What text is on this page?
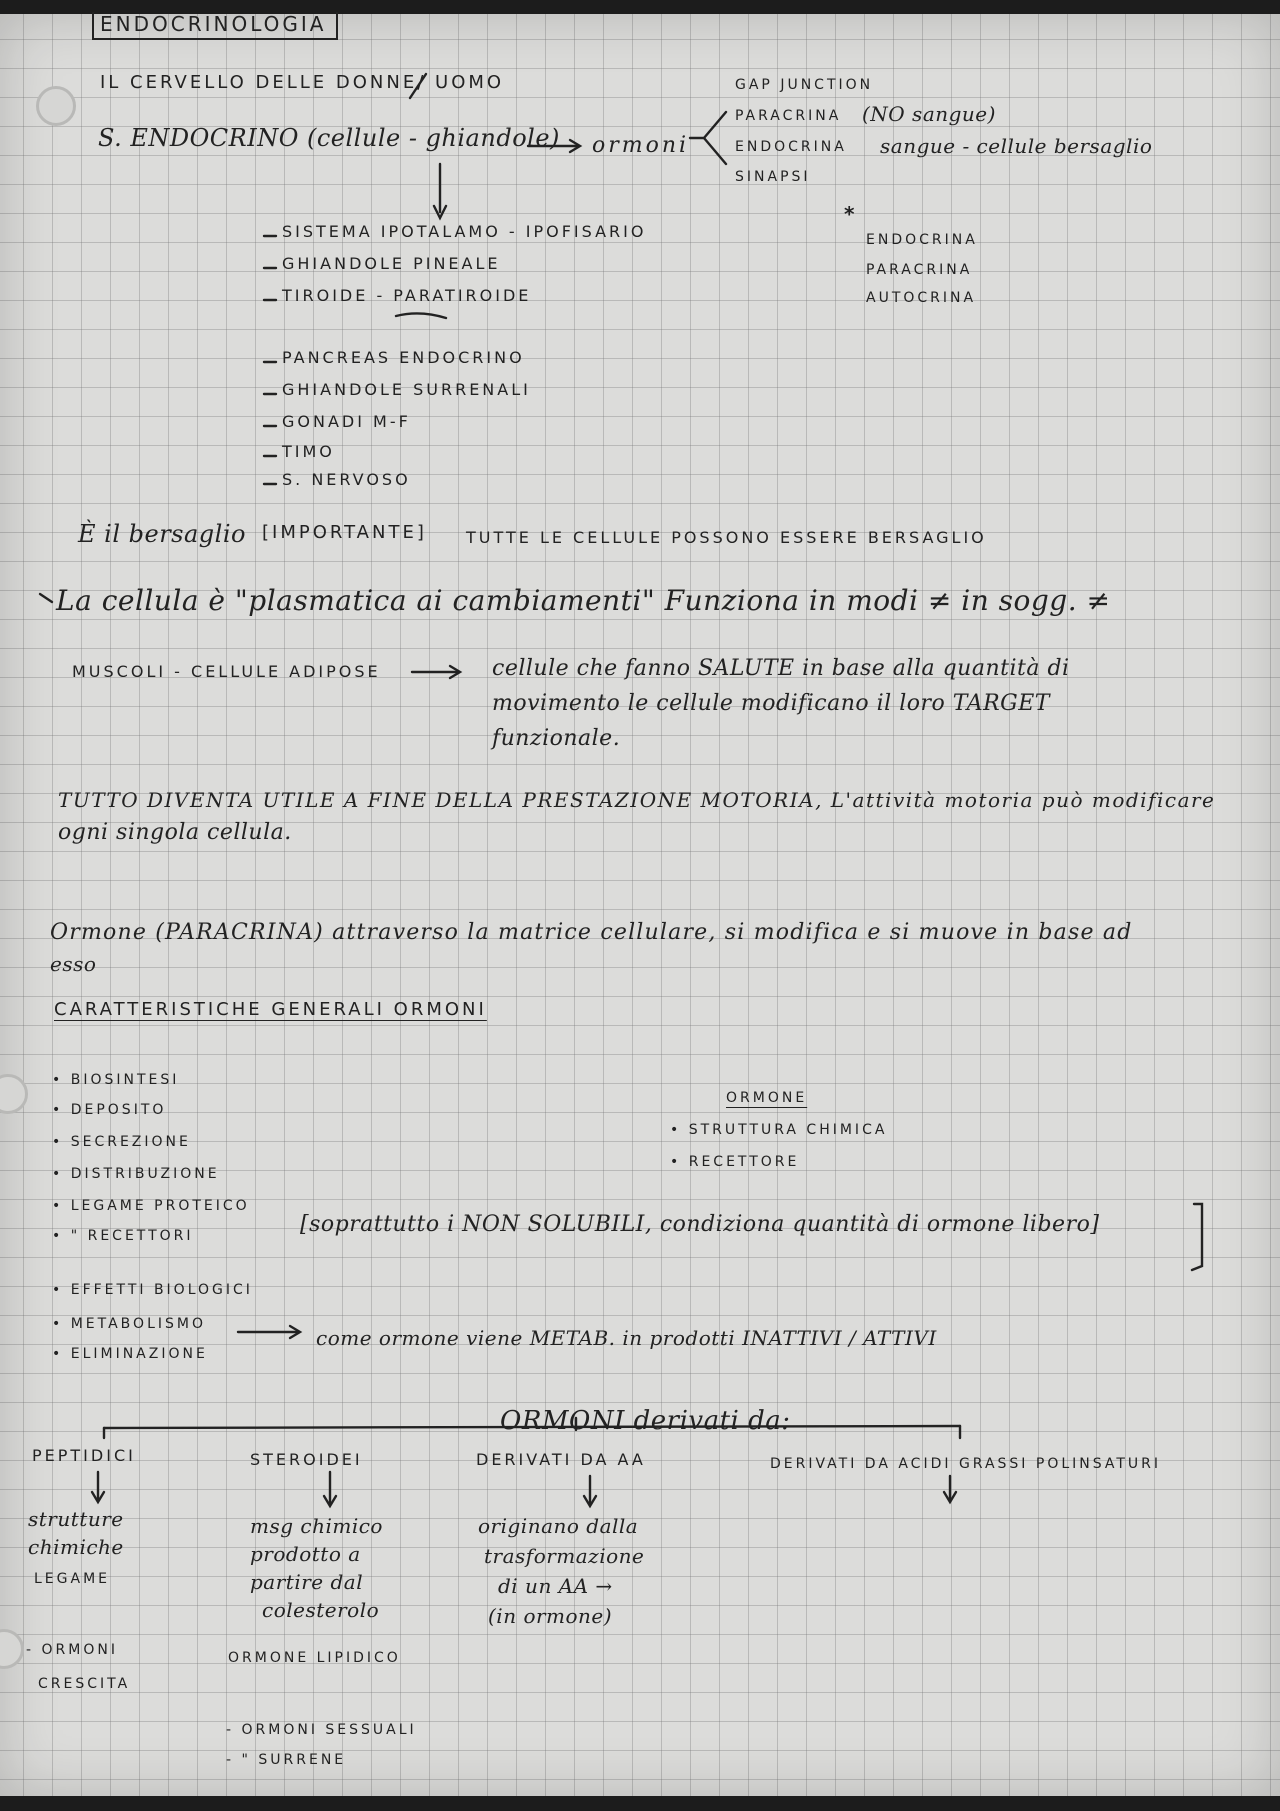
ENDOCRINOLOGIA
IL CERVELLO DELLE DONNE/ UOMO
S. ENDOCRINO (cellule - ghiandole) ormoni
GAP JUNCTION
PARACRINA
ENDOCRINA
SINAPSI
(NO sangue)
sangue - cellule bersaglio
*
ENDOCRINA
PARACRINA
AUTOCRINA
SISTEMA IPOTALAMO - IPOFISARIO
GHIANDOLE PINEALE
TIROIDE - PARATIROIDE
PANCREAS ENDOCRINO
GHIANDOLE SURRENALI
GONADI M-F
TIMO
S. NERVOSO
È il bersaglio [IMPORTANTE] TUTTE LE CELLULE POSSONO ESSERE BERSAGLIO
La cellula è "plasmatica ai cambiamenti" Funziona in modi ≠ in sogg. ≠
MUSCOLI - CELLULE ADIPOSE	cellule che fanno SALUTE in base alla quantità di
movimento le cellule modificano il loro TARGET
funzionale.
TUTTO DIVENTA UTILE A FINE DELLA PRESTAZIONE MOTORIA, L'attività motoria può modificare
ogni singola cellula.
Ormone (PARACRINA) attraverso la matrice cellulare, si modifica e si muove in base ad
esso
CARATTERISTICHE GENERALI ORMONI
• BIOSINTESI
• DEPOSITO
• SECREZIONE
• DISTRIBUZIONE
• LEGAME PROTEICO
• " RECETTORI
• EFFETTI BIOLOGICI
• METABOLISMO
• ELIMINAZIONE
ORMONE
• STRUTTURA CHIMICA
• RECETTORE
[soprattutto i NON SOLUBILI, condiziona quantità di ormone libero]
come ormone viene METAB. in prodotti INATTIVI / ATTIVI
ORMONI derivati da:
PEPTIDICI
strutture
chimiche
LEGAME
- ORMONI
CRESCITA
STEROIDEI
msg chimico
prodotto a
partire dal
colesterolo
ORMONE LIPIDICO
- ORMONI SESSUALI
- " SURRENE
DERIVATI DA AA
originano dalla
trasformazione
di un AA →
(in ormone)
DERIVATI DA ACIDI GRASSI POLINSATURI
